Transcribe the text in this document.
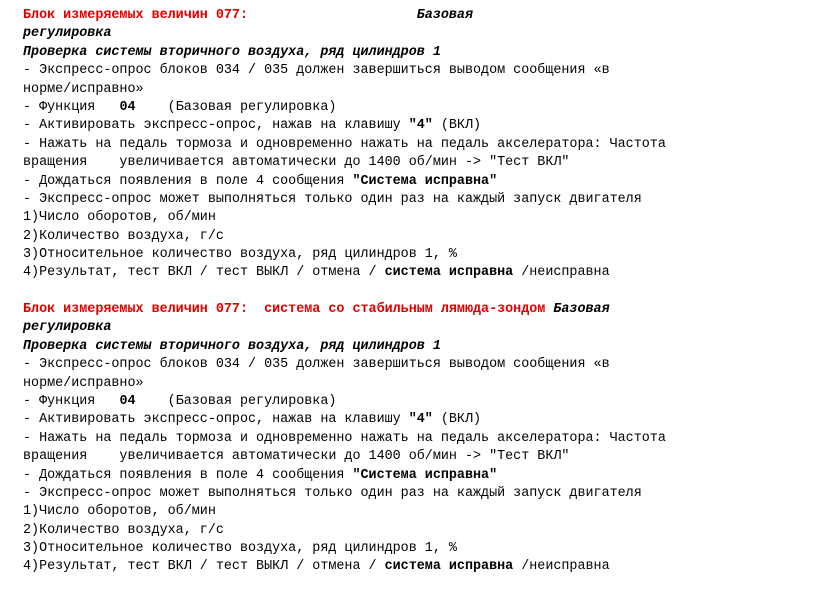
Блок измеряемых величин 077:	Базовая
регулировка
Проверка системы вторичного воздуха, ряд цилиндров 1
- Экспресс-опрос блоков 034 / 035 должен завершиться выводом сообщения «в
норме/исправно»
- Функция   04    (Базовая регулировка)
- Активировать экспресс-опрос, нажав на клавишу "4" (ВКЛ)
- Нажать на педаль тормоза и одновременно нажать на педаль акселератора: Частота
вращения    увеличивается автоматически до 1400 об/мин -> "Тест ВКЛ"
- Дождаться появления в поле 4 сообщения "Система исправна"
- Экспресс-опрос может выполняться только один раз на каждый запуск двигателя
1)Число оборотов, об/мин
2)Количество воздуха, г/с
3)Относительное количество воздуха, ряд цилиндров 1, %
4)Результат, тест ВКЛ / тест ВЫКЛ / отмена / система исправна /неисправна
Блок измеряемых величин 077: система со стабильным лямюда-зондом Базовая
регулировка
Проверка системы вторичного воздуха, ряд цилиндров 1
- Экспресс-опрос блоков 034 / 035 должен завершиться выводом сообщения «в
норме/исправно»
- Функция   04    (Базовая регулировка)
- Активировать экспресс-опрос, нажав на клавишу "4" (ВКЛ)
- Нажать на педаль тормоза и одновременно нажать на педаль акселератора: Частота
вращения    увеличивается автоматически до 1400 об/мин -> "Тест ВКЛ"
- Дождаться появления в поле 4 сообщения "Система исправна"
- Экспресс-опрос может выполняться только один раз на каждый запуск двигателя
1)Число оборотов, об/мин
2)Количество воздуха, г/с
3)Относительное количество воздуха, ряд цилиндров 1, %
4)Результат, тест ВКЛ / тест ВЫКЛ / отмена / система исправна /неисправна
